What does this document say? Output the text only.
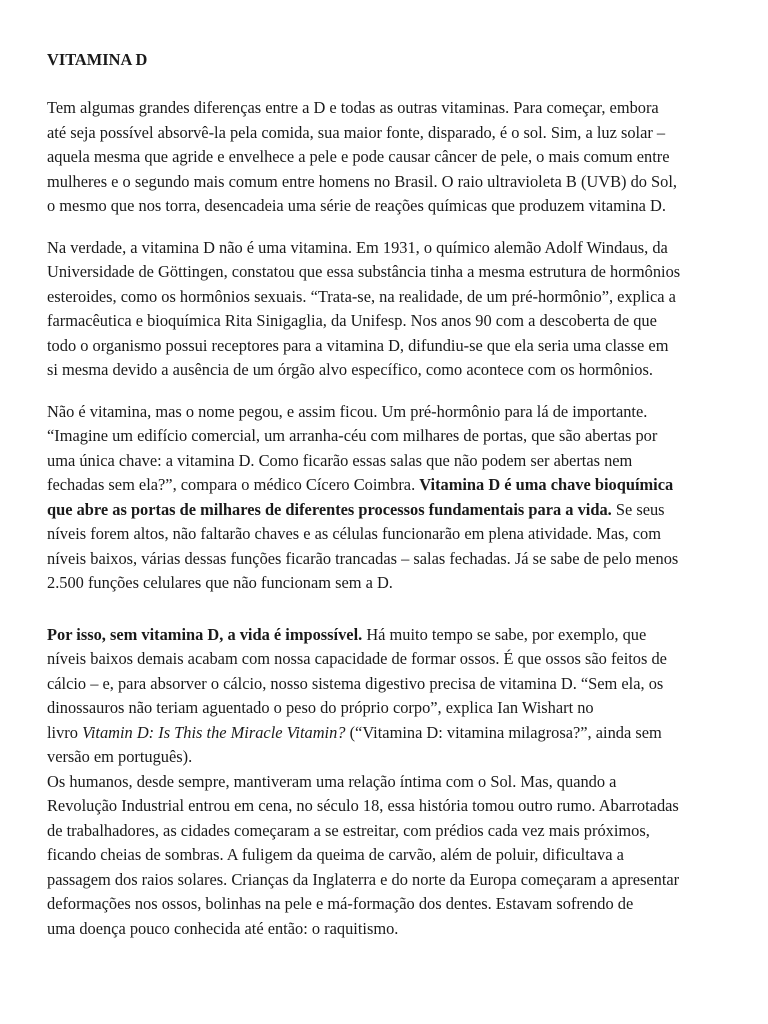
VITAMINA D
Tem algumas grandes diferenças entre a D e todas as outras vitaminas. Para começar, embora
até seja possível absorvê-la pela comida, sua maior fonte, disparado, é o sol. Sim, a luz solar –
aquela mesma que agride e envelhece a pele e pode causar câncer de pele, o mais comum entre
mulheres e o segundo mais comum entre homens no Brasil. O raio ultravioleta B (UVB) do Sol,
o mesmo que nos torra, desencadeia uma série de reações químicas que produzem vitamina D.
Na verdade, a vitamina D não é uma vitamina. Em 1931, o químico alemão Adolf Windaus, da
Universidade de Göttingen, constatou que essa substância tinha a mesma estrutura de hormônios
esteroides, como os hormônios sexuais. “Trata-se, na realidade, de um pré-hormônio”, explica a
farmacêutica e bioquímica Rita Sinigaglia, da Unifesp. Nos anos 90 com a descoberta de que
todo o organismo possui receptores para a vitamina D, difundiu-se que ela seria uma classe em
si mesma devido a ausência de um órgão alvo específico, como acontece com os hormônios.
Não é vitamina, mas o nome pegou, e assim ficou. Um pré-hormônio para lá de importante.
“Imagine um edifício comercial, um arranha-céu com milhares de portas, que são abertas por
uma única chave: a vitamina D. Como ficarão essas salas que não podem ser abertas nem
fechadas sem ela?”, compara o médico Cícero Coimbra. Vitamina D é uma chave bioquímica
que abre as portas de milhares de diferentes processos fundamentais para a vida. Se seus
níveis forem altos, não faltarão chaves e as células funcionarão em plena atividade. Mas, com
níveis baixos, várias dessas funções ficarão trancadas – salas fechadas. Já se sabe de pelo menos
2.500 funções celulares que não funcionam sem a D.
Por isso, sem vitamina D, a vida é impossível. Há muito tempo se sabe, por exemplo, que
níveis baixos demais acabam com nossa capacidade de formar ossos. É que ossos são feitos de
cálcio – e, para absorver o cálcio, nosso sistema digestivo precisa de vitamina D. “Sem ela, os
dinossauros não teriam aguentado o peso do próprio corpo”, explica Ian Wishart no
livro Vitamin D: Is This the Miracle Vitamin? (“Vitamina D: vitamina milagrosa?”, ainda sem
versão em português).
Os humanos, desde sempre, mantiveram uma relação íntima com o Sol. Mas, quando a
Revolução Industrial entrou em cena, no século 18, essa história tomou outro rumo. Abarrotadas
de trabalhadores, as cidades começaram a se estreitar, com prédios cada vez mais próximos,
ficando cheias de sombras. A fuligem da queima de carvão, além de poluir, dificultava a
passagem dos raios solares. Crianças da Inglaterra e do norte da Europa começaram a apresentar
deformações nos ossos, bolinhas na pele e má-formação dos dentes. Estavam sofrendo de
uma doença pouco conhecida até então: o raquitismo.
